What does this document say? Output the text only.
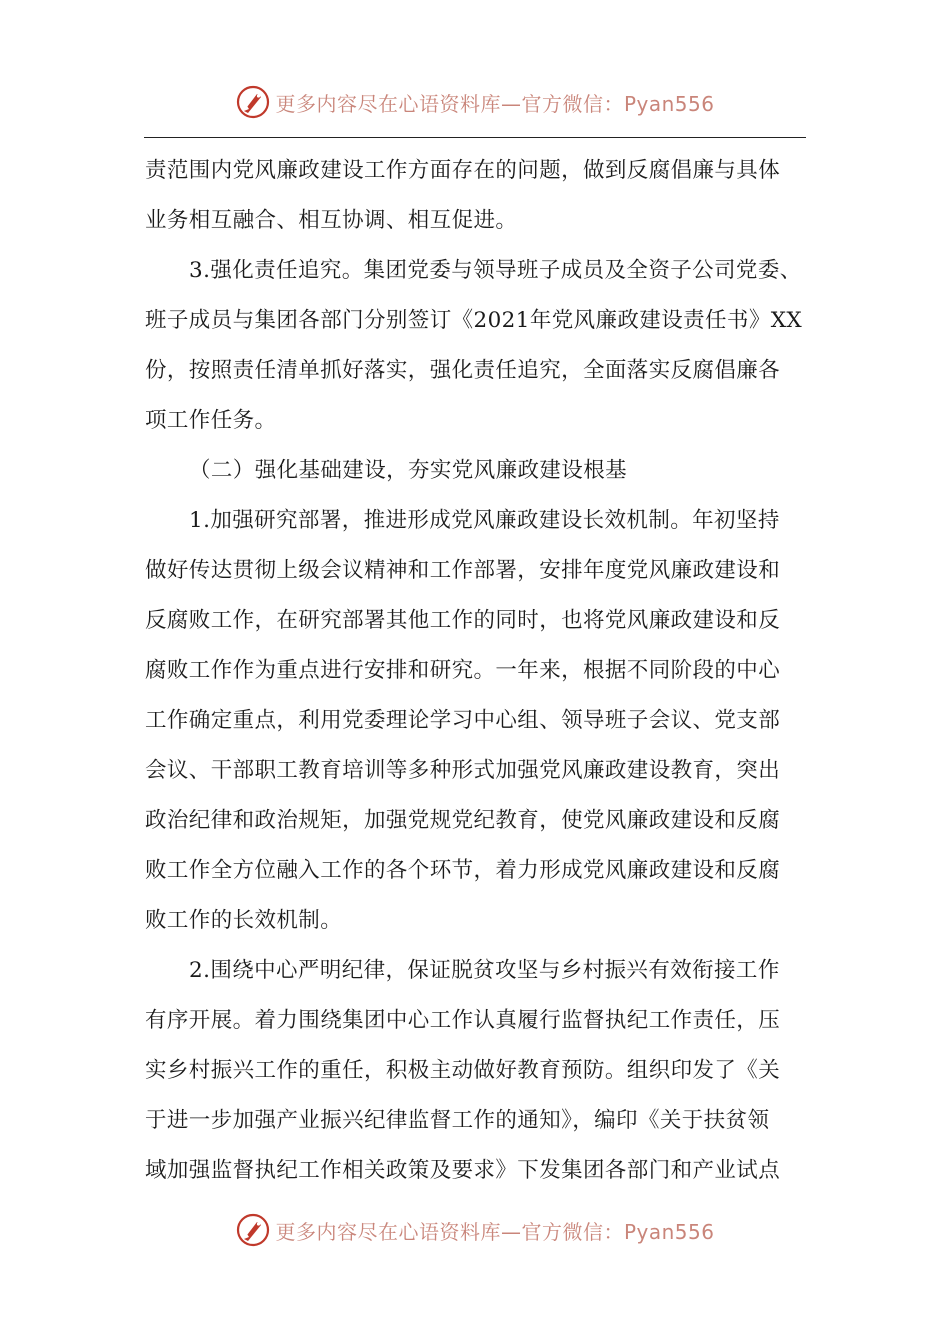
更多内容尽在心语资料库—官方微信：Pyan556
责范围内党风廉政建设工作方面存在的问题，做到反腐倡廉与具体
业务相互融合、相互协调、相互促进。
3.强化责任追究。集团党委与领导班子成员及全资子公司党委、
班子成员与集团各部门分别签订《2021年党风廉政建设责任书》XX
份，按照责任清单抓好落实，强化责任追究，全面落实反腐倡廉各
项工作任务。
（二）强化基础建设，夯实党风廉政建设根基
1.加强研究部署，推进形成党风廉政建设长效机制。年初坚持
做好传达贯彻上级会议精神和工作部署，安排年度党风廉政建设和
反腐败工作，在研究部署其他工作的同时，也将党风廉政建设和反
腐败工作作为重点进行安排和研究。一年来，根据不同阶段的中心
工作确定重点，利用党委理论学习中心组、领导班子会议、党支部
会议、干部职工教育培训等多种形式加强党风廉政建设教育，突出
政治纪律和政治规矩，加强党规党纪教育，使党风廉政建设和反腐
败工作全方位融入工作的各个环节，着力形成党风廉政建设和反腐
败工作的长效机制。
2.围绕中心严明纪律，保证脱贫攻坚与乡村振兴有效衔接工作
有序开展。着力围绕集团中心工作认真履行监督执纪工作责任，压
实乡村振兴工作的重任，积极主动做好教育预防。组织印发了《关
于进一步加强产业振兴纪律监督工作的通知》，编印《关于扶贫领
域加强监督执纪工作相关政策及要求》下发集团各部门和产业试点
更多内容尽在心语资料库—官方微信：Pyan556
